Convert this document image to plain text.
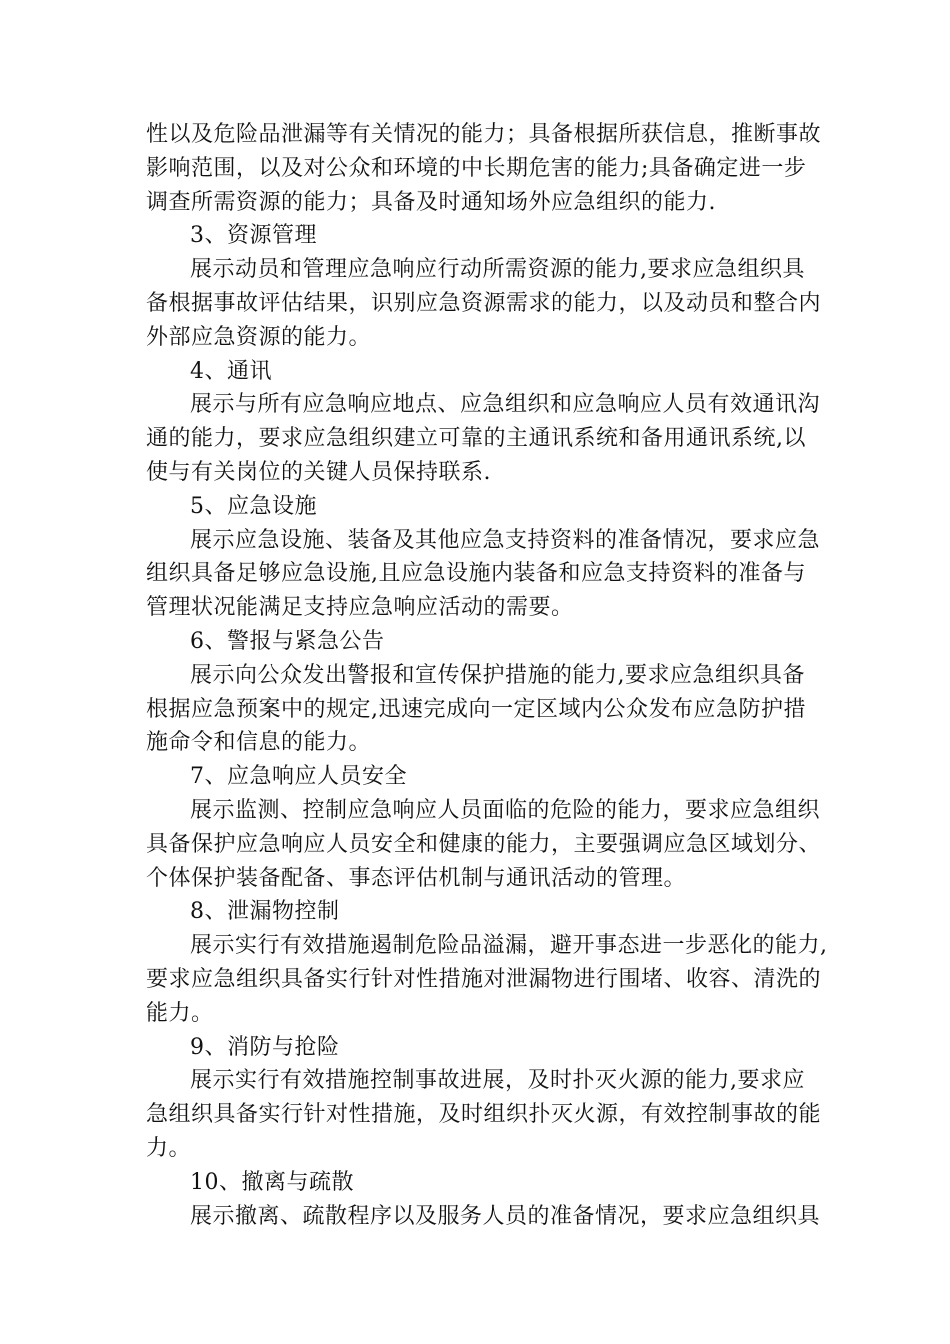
性以及危险品泄漏等有关情况的能力；具备根据所获信息，推断事故
影响范围，以及对公众和环境的中长期危害的能力;具备确定进一步
调查所需资源的能力；具备及时通知场外应急组织的能力.
3、资源管理
展示动员和管理应急响应行动所需资源的能力,要求应急组织具
备根据事故评估结果，识别应急资源需求的能力，以及动员和整合内
外部应急资源的能力。
4、通讯
展示与所有应急响应地点、应急组织和应急响应人员有效通讯沟
通的能力，要求应急组织建立可靠的主通讯系统和备用通讯系统,以
使与有关岗位的关键人员保持联系.
5、应急设施
展示应急设施、装备及其他应急支持资料的准备情况，要求应急
组织具备足够应急设施,且应急设施内装备和应急支持资料的准备与
管理状况能满足支持应急响应活动的需要。
6、警报与紧急公告
展示向公众发出警报和宣传保护措施的能力,要求应急组织具备
根据应急预案中的规定,迅速完成向一定区域内公众发布应急防护措
施命令和信息的能力。
7、应急响应人员安全
展示监测、控制应急响应人员面临的危险的能力，要求应急组织
具备保护应急响应人员安全和健康的能力，主要强调应急区域划分、
个体保护装备配备、事态评估机制与通讯活动的管理。
8、泄漏物控制
展示实行有效措施遏制危险品溢漏，避开事态进一步恶化的能力,
要求应急组织具备实行针对性措施对泄漏物进行围堵、收容、清洗的
能力。
9、消防与抢险
展示实行有效措施控制事故进展，及时扑灭火源的能力,要求应
急组织具备实行针对性措施，及时组织扑灭火源，有效控制事故的能
力。
10、撤离与疏散
展示撤离、疏散程序以及服务人员的准备情况，要求应急组织具
